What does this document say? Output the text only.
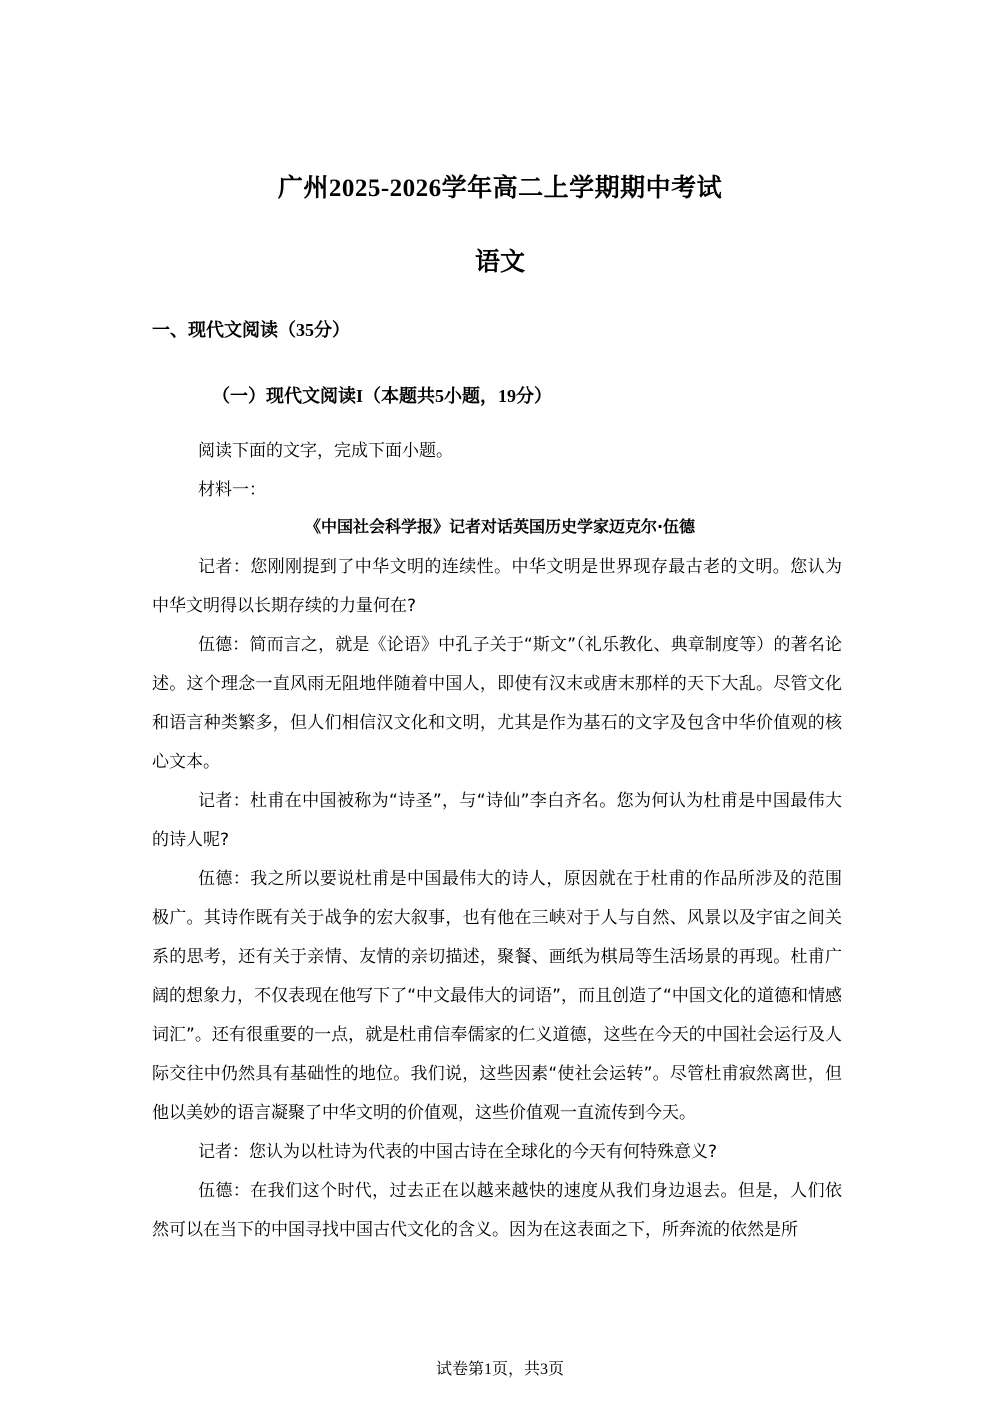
广州2025-2026学年高二上学期期中考试
语文
一、现代文阅读（35分）
（一）现代文阅读I（本题共5小题，19分）
阅读下面的文字，完成下面小题。
材料一：
《中国社会科学报》记者对话英国历史学家迈克尔·伍德

记者：您刚刚提到了中华文明的连续性。中华文明是世界现存最古老的文明。您认为中华文明得以长期存续的力量何在?

伍德：简而言之，就是《论语》中孔子关于“斯文”（礼乐教化、典章制度等）的著名论述。这个理念一直风雨无阻地伴随着中国人，即使有汉末或唐末那样的天下大乱。尽管文化和语言种类繁多，但人们相信汉文化和文明，尤其是作为基石的文字及包含中华价值观的核心文本。

记者：杜甫在中国被称为“诗圣”，与“诗仙”李白齐名。您为何认为杜甫是中国最伟大的诗人呢?

伍德：我之所以要说杜甫是中国最伟大的诗人，原因就在于杜甫的作品所涉及的范围极广。其诗作既有关于战争的宏大叙事，也有他在三峡对于人与自然、风景以及宇宙之间关系的思考，还有关于亲情、友情的亲切描述，聚餐、画纸为棋局等生活场景的再现。杜甫广阔的想象力，不仅表现在他写下了“中文最伟大的词语”，而且创造了“中国文化的道德和情感词汇”。还有很重要的一点，就是杜甫信奉儒家的仁义道德，这些在今天的中国社会运行及人际交往中仍然具有基础性的地位。我们说，这些因素“使社会运转”。尽管杜甫寂然离世，但他以美妙的语言凝聚了中华文明的价值观，这些价值观一直流传到今天。

记者：您认为以杜诗为代表的中国古诗在全球化的今天有何特殊意义?

伍德：在我们这个时代，过去正在以越来越快的速度从我们身边退去。但是，人们依然可以在当下的中国寻找中国古代文化的含义。因为在这表面之下，所奔流的依然是所

试卷第1页，共3页
